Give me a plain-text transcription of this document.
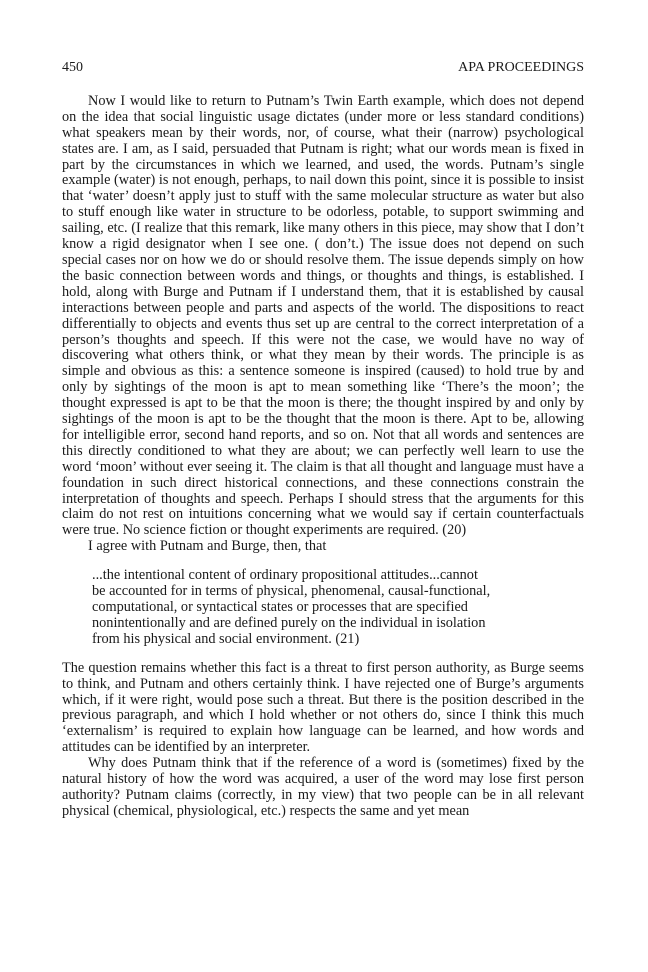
450	APA PROCEEDINGS

Now I would like to return to Putnam’s Twin Earth example, which does not depend on the idea that social linguistic usage dictates (under more or less standard conditions) what speakers mean by their words, nor, of course, what their (narrow) psychological states are. I am, as I said, persuaded that Putnam is right; what our words mean is fixed in part by the circumstances in which we learned, and used, the words. Putnam’s single example (water) is not enough, perhaps, to nail down this point, since it is possible to insist that ‘water’ doesn’t apply just to stuff with the same molecular structure as water but also to stuff enough like water in structure to be odorless, potable, to support swimming and sailing, etc. (I realize that this remark, like many others in this piece, may show that I don’t know a rigid designator when I see one. ( don’t.) The issue does not depend on such special cases nor on how we do or should resolve them. The issue depends simply on how the basic connection between words and things, or thoughts and things, is established. I hold, along with Burge and Putnam if I understand them, that it is established by causal interactions between people and parts and aspects of the world. The dispositions to react differentially to objects and events thus set up are central to the correct interpretation of a person’s thoughts and speech. If this were not the case, we would have no way of discovering what others think, or what they mean by their words. The principle is as simple and obvious as this: a sentence someone is inspired (caused) to hold true by and only by sightings of the moon is apt to mean something like ‘There’s the moon’; the thought expressed is apt to be that the moon is there; the thought inspired by and only by sightings of the moon is apt to be the thought that the moon is there. Apt to be, allowing for intelligible error, second hand reports, and so on. Not that all words and sentences are this directly conditioned to what they are about; we can perfectly well learn to use the word ‘moon’ without ever seeing it. The claim is that all thought and language must have a foundation in such direct historical connections, and these connections constrain the interpretation of thoughts and speech. Perhaps I should stress that the arguments for this claim do not rest on intuitions concerning what we would say if certain counterfactuals were true. No science fiction or thought experiments are required. (20)

I agree with Putnam and Burge, then, that

...the intentional content of ordinary propositional attitudes...cannot

be accounted for in terms of physical, phenomenal, causal-functional,

computational, or syntactical states or processes that are specified

nonintentionally and are defined purely on the individual in isolation

from his physical and social environment. (21)

The question remains whether this fact is a threat to first person authority, as Burge seems to think, and Putnam and others certainly think. I have rejected one of Burge’s arguments which, if it were right, would pose such a threat. But there is the position described in the previous paragraph, and which I hold whether or not others do, since I think this much ‘externalism’ is required to explain how language can be learned, and how words and attitudes can be identified by an interpreter.

Why does Putnam think that if the reference of a word is (sometimes) fixed by the natural history of how the word was acquired, a user of the word may lose first person authority? Putnam claims (correctly, in my view) that two people can be in all relevant physical (chemical, physiological, etc.) respects the same and yet mean
